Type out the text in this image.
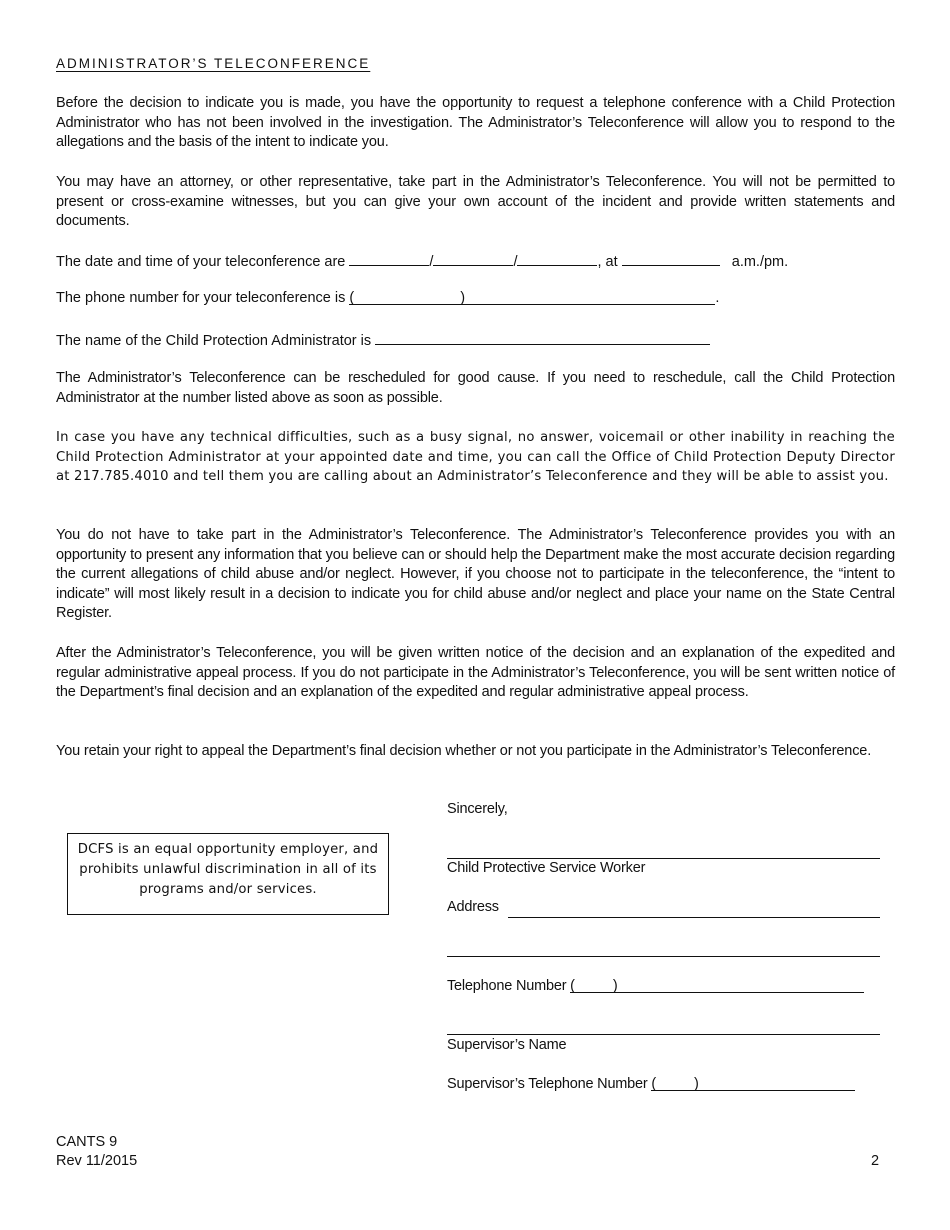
ADMINISTRATOR’S TELECONFERENCE
Before the decision to indicate you is made, you have the opportunity to request a telephone conference with a Child Protection Administrator who has not been involved in the investigation. The Administrator’s Teleconference will allow you to respond to the allegations and the basis of the intent to indicate you.
You may have an attorney, or other representative, take part in the Administrator’s Teleconference. You will not be permitted to present or cross-examine witnesses, but you can give your own account of the incident and provide written statements and documents.
The date and time of your teleconference are	/	/	, at	a.m./pm.
The phone number for your teleconference is (	)	.
The name of the Child Protection Administrator is
The Administrator’s Teleconference can be rescheduled for good cause. If you need to reschedule, call the Child Protection Administrator at the number listed above as soon as possible.
In case you have any technical difficulties, such as a busy signal, no answer, voicemail or other inability in reaching the Child Protection Administrator at your appointed date and time, you can call the Office of Child Protection Deputy Director at 217.785.4010 and tell them you are calling about an Administrator’s Teleconference and they will be able to assist you.
You do not have to take part in the Administrator’s Teleconference. The Administrator’s Teleconference provides you with an opportunity to present any information that you believe can or should help the Department make the most accurate decision regarding the current allegations of child abuse and/or neglect. However, if you choose not to participate in the teleconference, the “intent to indicate” will most likely result in a decision to indicate you for child abuse and/or neglect and place your name on the State Central Register.
After the Administrator’s Teleconference, you will be given written notice of the decision and an explanation of the expedited and regular administrative appeal process. If you do not participate in the Administrator’s Teleconference, you will be sent written notice of the Department’s final decision and an explanation of the expedited and regular administrative appeal process.
You retain your right to appeal the Department’s final decision whether or not you participate in the Administrator’s Teleconference.
DCFS is an equal opportunity employer, and prohibits unlawful discrimination in all of its programs and/or services.
Sincerely,
Child Protective Service Worker
Address
Telephone Number (	)
Supervisor’s Name
Supervisor’s Telephone Number (	)
CANTS 9
Rev 11/2015	2
